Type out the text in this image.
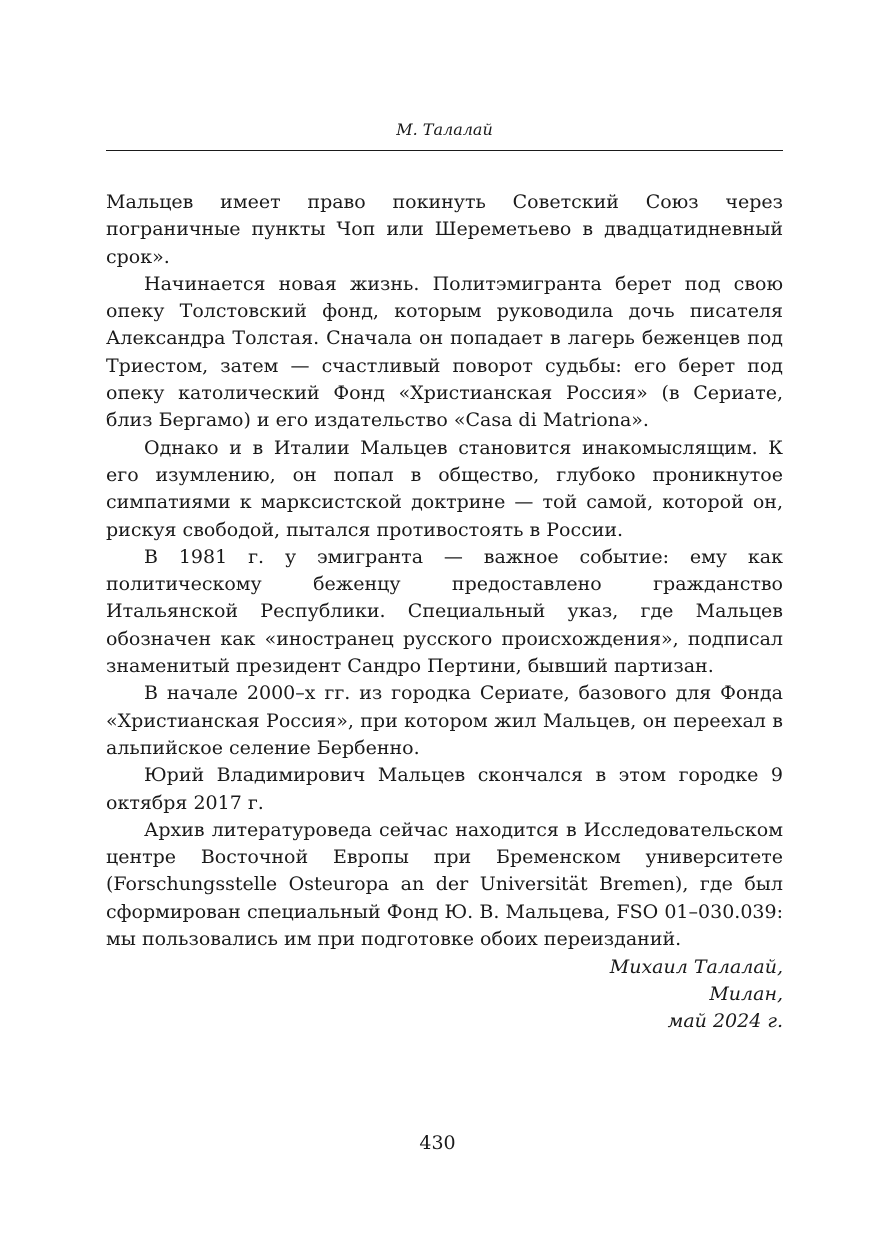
М. Талалай

Мальцев имеет право покинуть Советский Союз через пограничные пункты Чоп или Шереметьево в двадцатидневный срок».

Начинается новая жизнь. Политэмигранта берет под свою опеку Толстовский фонд, которым руководила дочь писателя Александра Толстая. Сначала он попадает в лагерь беженцев под Триестом, затем — счастливый поворот судьбы: его берет под опеку католический Фонд «Христианская Россия» (в Сериате, близ Бергамо) и его издательство «Casa di Matriona».

Однако и в Италии Мальцев становится инакомыслящим. К его изумлению, он попал в общество, глубоко проникнутое симпатиями к марксистской доктрине — той самой, которой он, рискуя свободой, пытался противостоять в России.

В 1981 г. у эмигранта — важное событие: ему как политическому беженцу предоставлено гражданство Итальянской Республики. Специальный указ, где Мальцев обозначен как «иностранец русского происхождения», подписал знаменитый президент Сандро Пертини, бывший партизан.

В начале 2000–х гг. из городка Сериате, базового для Фонда «Христианская Россия», при котором жил Мальцев, он переехал в альпийское селение Бербенно.

Юрий Владимирович Мальцев скончался в этом городке 9 октября 2017 г.

Архив литературоведа сейчас находится в Исследовательском центре Восточной Европы при Бременском университете (Forschungsstelle Osteuropa an der Universität Bremen), где был сформирован специальный Фонд Ю. В. Мальцева, FSO 01–030.039: мы пользовались им при подготовке обоих переизданий.

Михаил Талалай,
Милан,
май 2024 г.
430
